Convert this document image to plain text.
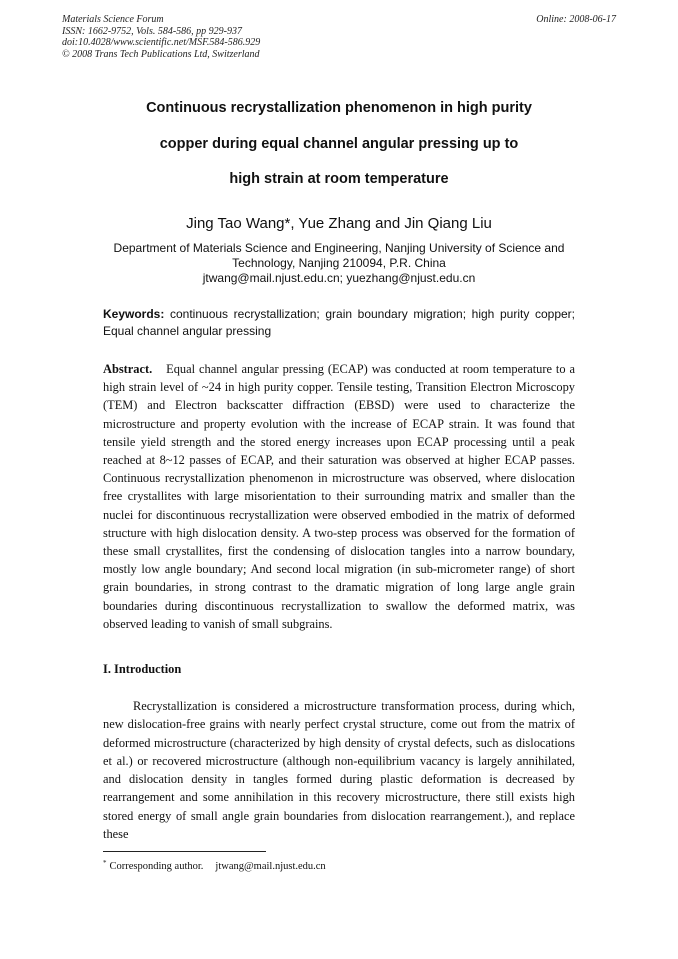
Materials Science Forum
ISSN: 1662-9752, Vols. 584-586, pp 929-937
doi:10.4028/www.scientific.net/MSF.584-586.929
© 2008 Trans Tech Publications Ltd, Switzerland
Online: 2008-06-17
Continuous recrystallization phenomenon in high purity
copper during equal channel angular pressing up to
high strain at room temperature
Jing Tao Wang*, Yue Zhang and Jin Qiang Liu
Department of Materials Science and Engineering, Nanjing University of Science and
Technology, Nanjing 210094, P.R. China
jtwang@mail.njust.edu.cn; yuezhang@njust.edu.cn
Keywords: continuous recrystallization; grain boundary migration; high purity copper; Equal channel angular pressing
Abstract. Equal channel angular pressing (ECAP) was conducted at room temperature to a high strain level of ~24 in high purity copper. Tensile testing, Transition Electron Microscopy (TEM) and Electron backscatter diffraction (EBSD) were used to characterize the microstructure and property evolution with the increase of ECAP strain. It was found that tensile yield strength and the stored energy increases upon ECAP processing until a peak reached at 8~12 passes of ECAP, and their saturation was observed at higher ECAP passes. Continuous recrystallization phenomenon in microstructure was observed, where dislocation free crystallites with large misorientation to their surrounding matrix and smaller than the nuclei for discontinuous recrystallization were observed embodied in the matrix of deformed structure with high dislocation density. A two-step process was observed for the formation of these small crystallites, first the condensing of dislocation tangles into a narrow boundary, mostly low angle boundary; And second local migration (in sub-micrometer range) of short grain boundaries, in strong contrast to the dramatic migration of long large angle grain boundaries during discontinuous recrystallization to swallow the deformed matrix, was observed leading to vanish of small subgrains.
I. Introduction
Recrystallization is considered a microstructure transformation process, during which, new dislocation-free grains with nearly perfect crystal structure, come out from the matrix of deformed microstructure (characterized by high density of crystal defects, such as dislocations et al.) or recovered microstructure (although non-equilibrium vacancy is largely annihilated, and dislocation density in tangles formed during plastic deformation is decreased by rearrangement and some annihilation in this recovery microstructure, there still exists high stored energy of small angle grain boundaries from dislocation rearrangement.), and replace these
* Corresponding author. jtwang@mail.njust.edu.cn
